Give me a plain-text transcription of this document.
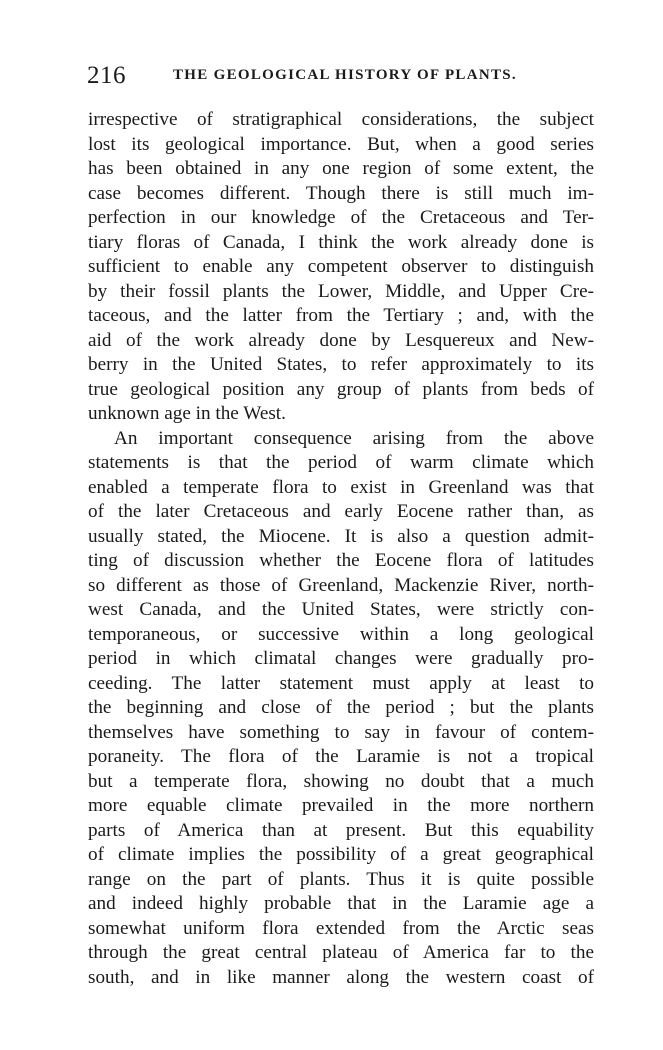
216	THE GEOLOGICAL HISTORY OF PLANTS.
irrespective of stratigraphical considerations, the subject
lost its geological importance. But, when a good series
has been obtained in any one region of some extent, the
case becomes different. Though there is still much im-
perfection in our knowledge of the Cretaceous and Ter-
tiary floras of Canada, I think the work already done is
sufficient to enable any competent observer to distinguish
by their fossil plants the Lower, Middle, and Upper Cre-
taceous, and the latter from the Tertiary ; and, with the
aid of the work already done by Lesquereux and New-
berry in the United States, to refer approximately to its
true geological position any group of plants from beds of
unknown age in the West.
An important consequence arising from the above
statements is that the period of warm climate which
enabled a temperate flora to exist in Greenland was that
of the later Cretaceous and early Eocene rather than, as
usually stated, the Miocene. It is also a question admit-
ting of discussion whether the Eocene flora of latitudes
so different as those of Greenland, Mackenzie River, north-
west Canada, and the United States, were strictly con-
temporaneous, or successive within a long geological
period in which climatal changes were gradually pro-
ceeding. The latter statement must apply at least to
the beginning and close of the period ; but the plants
themselves have something to say in favour of contem-
poraneity. The flora of the Laramie is not a tropical
but a temperate flora, showing no doubt that a much
more equable climate prevailed in the more northern
parts of America than at present. But this equability
of climate implies the possibility of a great geographical
range on the part of plants. Thus it is quite possible
and indeed highly probable that in the Laramie age a
somewhat uniform flora extended from the Arctic seas
through the great central plateau of America far to the
south, and in like manner along the western coast of
